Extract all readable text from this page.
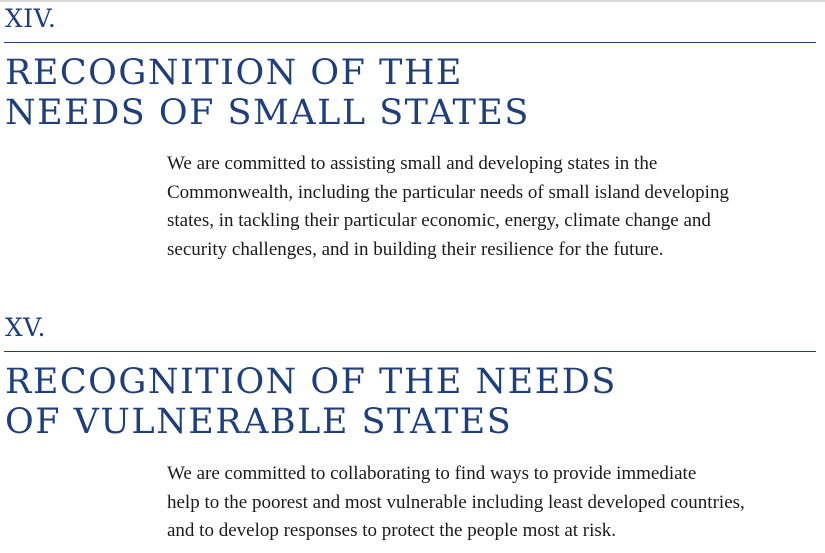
XIV.
RECOGNITION OF THE
NEEDS OF SMALL STATES

We are committed to assisting small and developing states in the
Commonwealth, including the particular needs of small island developing
states, in tackling their particular economic, energy, climate change and
security challenges, and in building their resilience for the future.

XV.
RECOGNITION OF THE NEEDS
OF VULNERABLE STATES

We are committed to collaborating to find ways to provide immediate
help to the poorest and most vulnerable including least developed countries,
and to develop responses to protect the people most at risk.
